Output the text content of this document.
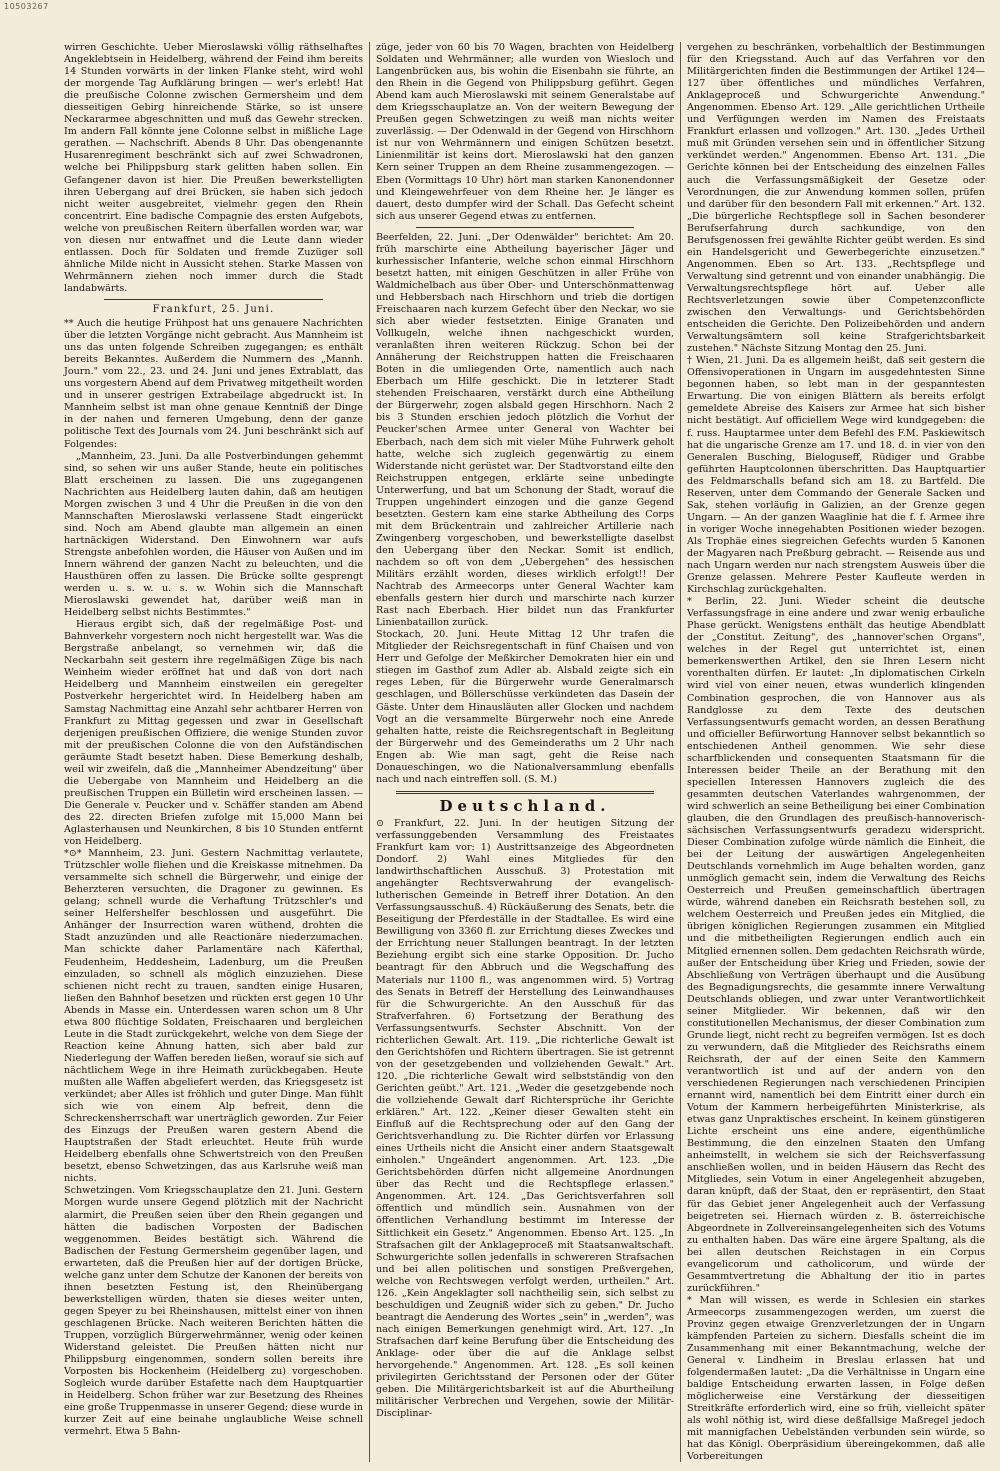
10503267

wirren Geschichte. Ueber Mieroslawski völlig räthselhaftes Angeklebtsein in Heidelberg, während der Feind ihm bereits 14 Stunden vorwärts in der linken Flanke steht, wird wohl der morgende Tag Aufklärung bringen — wer's erlebt! Hat die preußische Colonne zwischen Germersheim und dem diesseitigen Gebirg hinreichende Stärke, so ist unsere Neckararmee abgeschnitten und muß das Gewehr strecken. Im andern Fall könnte jene Colonne selbst in mißliche Lage gerathen. — Nachschrift. Abends 8 Uhr. Das obengenannte Husarenregiment beschränkt sich auf zwei Schwadronen, welche bei Philippsburg stark gelitten haben sollen. Ein Gefangener davon ist hier. Die Preußen bewerkstelligten ihren Uebergang auf drei Brücken, sie haben sich jedoch nicht weiter ausgebreitet, vielmehr gegen den Rhein concentrirt. Eine badische Compagnie des ersten Aufgebots, welche von preußischen Reitern überfallen worden war, war von diesen nur entwaffnet und die Leute dann wieder entlassen. Doch für Soldaten und fremde Zuzüger soll ähnliche Milde nicht in Aussicht stehen. Starke Massen von Wehrmännern ziehen noch immer durch die Stadt landabwärts.

Frankfurt, 25. Juni.

** Auch die heutige Frühpost hat uns genauere Nachrichten über die letzten Vorgänge nicht gebracht. Aus Mannheim ist uns das unten folgende Schreiben zugegangen; es enthält bereits Bekanntes. Außerdem die Nummern des „Mannh. Journ." vom 22., 23. und 24. Juni und jenes Extrablatt, das uns vorgestern Abend auf dem Privatweg mitgetheilt worden und in unserer gestrigen Extrabeilage abgedruckt ist. In Mannheim selbst ist man ohne genaue Kenntniß der Dinge in der nahen und ferneren Umgebung, denn der ganze politische Text des Journals vom 24. Juni beschränkt sich auf Folgendes:

„Mannheim, 23. Juni. Da alle Postverbindungen gehemmt sind, so sehen wir uns außer Stande, heute ein politisches Blatt erscheinen zu lassen. Die uns zugegangenen Nachrichten aus Heidelberg lauten dahin, daß am heutigen Morgen zwischen 3 und 4 Uhr die Preußen in die von den Mannschaften Mieroslawski verlassene Stadt eingerückt sind. Noch am Abend glaubte man allgemein an einen hartnäckigen Widerstand. Den Einwohnern war aufs Strengste anbefohlen worden, die Häuser von Außen und im Innern während der ganzen Nacht zu beleuchten, und die Hausthüren offen zu lassen. Die Brücke sollte gesprengt werden u. s. w. u. s. w. Wohin sich die Mannschaft Mieroslawski gewendet hat, darüber weiß man in Heidelberg selbst nichts Bestimmtes."

Hieraus ergibt sich, daß der regelmäßige Post- und Bahnverkehr vorgestern noch nicht hergestellt war. Was die Bergstraße anbelangt, so vernehmen wir, daß die Neckarbahn seit gestern ihre regelmäßigen Züge bis nach Weinheim wieder eröffnet hat und daß von dort nach Heidelberg und Mannheim einstweilen ein geregelter Postverkehr hergerichtet wird. In Heidelberg haben am Samstag Nachmittag eine Anzahl sehr achtbarer Herren von Frankfurt zu Mittag gegessen und zwar in Gesellschaft derjenigen preußischen Offiziere, die wenige Stunden zuvor mit der preußischen Colonne die von den Aufständischen geräumte Stadt besetzt haben. Diese Bemerkung deshalb, weil wir zweifeln, daß die „Mannheimer Abendzeitung" über die Uebergabe von Mannheim und Heidelberg an die preußischen Truppen ein Bülletin wird erscheinen lassen. — Die Generale v. Peucker und v. Schäffer standen am Abend des 22. directen Briefen zufolge mit 15,000 Mann bei Aglasterhausen und Neunkirchen, 8 bis 10 Stunden entfernt von Heidelberg.

*⊙* Mannheim, 23. Juni. Gestern Nachmittag verlautete, Trützschler wolle fliehen und die Kreiskasse mitnehmen. Da versammelte sich schnell die Bürgerwehr, und einige der Beherzteren versuchten, die Dragoner zu gewinnen. Es gelang; schnell wurde die Verhaftung Trützschler's und seiner Helfershelfer beschlossen und ausgeführt. Die Anhänger der Insurrection waren wüthend, drohten die Stadt anzuzünden und alle Reactionäre niederzumachen. Man schickte daher Parlamentäre nach Käferthal, Feudenheim, Heddesheim, Ladenburg, um die Preußen einzuladen, so schnell als möglich einzuziehen. Diese schienen nicht recht zu trauen, sandten einige Husaren, ließen den Bahnhof besetzen und rückten erst gegen 10 Uhr Abends in Masse ein. Unterdessen waren schon um 8 Uhr etwa 800 flüchtige Soldaten, Freischaaren und bergleichen Leute in die Stadt zurückgekehrt, welche von dem Siege der Reaction keine Ahnung hatten, sich aber bald zur Niederlegung der Waffen bereden ließen, worauf sie sich auf nächtlichem Wege in ihre Heimath zurückbegaben. Heute mußten alle Waffen abgeliefert werden, das Kriegsgesetz ist verkündet; aber Alles ist fröhlich und guter Dinge. Man fühlt sich wie von einem Alp befreit, denn die Schreckensherrschaft war unerträglich geworden. Zur Feier des Einzugs der Preußen waren gestern Abend die Hauptstraßen der Stadt erleuchtet. Heute früh wurde Heidelberg ebenfalls ohne Schwertstreich von den Preußen besetzt, ebenso Schwetzingen, das aus Karlsruhe weiß man nichts.

Schwetzingen. Vom Kriegsschauplatze den 21. Juni. Gestern Morgen wurde unsere Gegend plötzlich mit der Nachricht alarmirt, die Preußen seien über den Rhein gegangen und hätten die badischen Vorposten der Badischen weggenommen. Beides bestätigt sich. Während die Badischen der Festung Germersheim gegenüber lagen, und erwarteten, daß die Preußen hier auf der dortigen Brücke, welche ganz unter dem Schutze der Kanonen der bereits von ihnen besetzten Festung ist, den Rheinübergang bewerkstelligen würden, thaten sie dieses weiter unten, gegen Speyer zu bei Rheinshausen, mittelst einer von ihnen geschlagenen Brücke. Nach weiteren Berichten hätten die Truppen, vorzüglich Bürgerwehrmänner, wenig oder keinen Widerstand geleistet. Die Preußen hätten nicht nur Philippsburg eingenommen, sondern sollen bereits ihre Vorposten bis Hockenheim (Heidelberg zu) vorgeschoben. Sogleich wurde darüber Estafette nach dem Hauptquartier in Heidelberg. Schon früher war zur Besetzung des Rheines eine große Truppenmasse in unserer Gegend; diese wurde in kurzer Zeit auf eine beinahe unglaubliche Weise schnell vermehrt. Etwa 5 Bahn-

züge, jeder von 60 bis 70 Wagen, brachten von Heidelberg Soldaten und Wehrmänner; alle wurden von Wiesloch und Langenbrücken aus, bis wohin die Eisenbahn sie führte, an den Rhein in die Gegend von Philippsburg geführt. Gegen Abend kam auch Mieroslawski mit seinem Generalstabe auf dem Kriegsschauplatze an. Von der weitern Bewegung der Preußen gegen Schwetzingen zu weiß man nichts weiter zuverlässig. — Der Odenwald in der Gegend von Hirschhorn ist nur von Wehrmännern und einigen Schützen besetzt. Linienmilitär ist keins dort. Mieroslawski hat den ganzen Kern seiner Truppen an dem Rheine zusammengezogen. — Eben (Vormittags 10 Uhr) hört man starken Kanonendonner und Kleingewehrfeuer von dem Rheine her. Je länger es dauert, desto dumpfer wird der Schall. Das Gefecht scheint sich aus unserer Gegend etwas zu entfernen.

Beerfelden, 22. Juni. „Der Odenwälder" berichtet: Am 20. früh marschirte eine Abtheilung bayerischer Jäger und kurhessischer Infanterie, welche schon einmal Hirschhorn besetzt hatten, mit einigen Geschützen in aller Frühe von Waldmichelbach aus über Ober- und Unterschönmattenwag und Hebbersbach nach Hirschhorn und trieb die dortigen Freischaaren nach kurzem Gefecht über den Neckar, wo sie sich aber wieder festsetzten. Einige Granaten und Vollkugeln, welche ihnen nachgeschickt wurden, veranlaßten ihren weiteren Rückzug. Schon bei der Annäherung der Reichstruppen hatten die Freischaaren Boten in die umliegenden Orte, namentlich auch nach Eberbach um Hilfe geschickt. Die in letzterer Stadt stehenden Freischaaren, verstärkt durch eine Abtheilung der Bürgerwehr, zogen alsbald gegen Hirschhorn. Nach 2 bis 3 Stunden erschien jedoch plötzlich die Vorhut der Peucker'schen Armee unter General von Wachter bei Eberbach, nach dem sich mit vieler Mühe Fuhrwerk geholt hatte, welche sich zugleich gegenwärtig zu einem Widerstande nicht gerüstet war. Der Stadtvorstand eilte den Reichstruppen entgegen, erklärte seine unbedingte Unterwerfung, und bat um Schonung der Stadt, worauf die Truppen ungehindert einzogen und die ganze Gegend besetzten. Gestern kam eine starke Abtheilung des Corps mit dem Brückentrain und zahlreicher Artillerie nach Zwingenberg vorgeschoben, und bewerkstelligte daselbst den Uebergang über den Neckar. Somit ist endlich, nachdem so oft von dem „Uebergehen" des hessischen Militärs erzählt worden, dieses wirklich erfolgt!! Der Nachtrab des Armeecorps unter General Wachter kam ebenfalls gestern hier durch und marschirte nach kurzer Rast nach Eberbach. Hier bildet nun das Frankfurter Linienbataillon zurück.

Stockach, 20. Juni. Heute Mittag 12 Uhr trafen die Mitglieder der Reichsregentschaft in fünf Chaisen und von Herr und Gefolge der Meßkircher Demokraten hier ein und stiegen im Gasthof zum Adler ab. Alsbald zeigte sich ein reges Leben, für die Bürgerwehr wurde Generalmarsch geschlagen, und Böllerschüsse verkündeten das Dasein der Gäste. Unter dem Hinausläuten aller Glocken und nachdem Vogt an die versammelte Bürgerwehr noch eine Anrede gehalten hatte, reiste die Reichsregentschaft in Begleitung der Bürgerwehr und des Gemeinderaths um 2 Uhr nach Engen ab. Wie man sagt, geht die Reise nach Donaueschingen, wo die Nationalversammlung ebenfalls nach und nach eintreffen soll. (S. M.)

Deutschland.

⊙ Frankfurt, 22. Juni. In der heutigen Sitzung der verfassunggebenden Versammlung des Freistaates Frankfurt kam vor: 1) Austrittsanzeige des Abgeordneten Dondorf. 2) Wahl eines Mitgliedes für den landwirthschaftlichen Ausschuß. 3) Protestation mit angehängter Rechtsverwahrung der evangelisch-lutherischen Gemeinde in Betreff ihrer Dotation. An den Verfassungsausschuß. 4) Rückäußerung des Senats, betr. die Beseitigung der Pferdeställe in der Stadtallee. Es wird eine Bewilligung von 3360 fl. zur Errichtung dieses Zweckes und der Errichtung neuer Stallungen beantragt. In der letzten Beziehung ergibt sich eine starke Opposition. Dr. Jucho beantragt für den Abbruch und die Wegschaffung des Materials nur 1100 fl., was angenommen wird. 5) Vortrag des Senats in Betreff der Herstellung des Leinwandhauses für die Schwurgerichte. An den Ausschuß für das Strafverfahren. 6) Fortsetzung der Berathung des Verfassungsentwurfs. Sechster Abschnitt. Von der richterlichen Gewalt. Art. 119. „Die richterliche Gewalt ist den Gerichtshöfen und Richtern übertragen. Sie ist getrennt von der gesetzgebenden und vollziehenden Gewalt." Art. 120. „Die richterliche Gewalt wird selbstständig von den Gerichten geübt." Art. 121. „Weder die gesetzgebende noch die vollziehende Gewalt darf Richtersprüche ihr Gerichte erklären." Art. 122. „Keiner dieser Gewalten steht ein Einfluß auf die Rechtsprechung oder auf den Gang der Gerichtsverhandlung zu. Die Richter dürfen vor Erlassung eines Urtheils nicht die Ansicht einer andern Staatsgewalt einholen." Ungeändert angenommen. Art. 123. „Die Gerichtsbehörden dürfen nicht allgemeine Anordnungen über das Recht und die Rechtspflege erlassen." Angenommen. Art. 124. „Das Gerichtsverfahren soll öffentlich und mündlich sein. Ausnahmen von der öffentlichen Verhandlung bestimmt im Interesse der Sittlichkeit ein Gesetz." Angenommen. Ebenso Art. 125. „In Strafsachen gilt der Anklageproceß mit Staatsanwaltschaft. Schwurgerichte sollen jedenfalls in schwereren Strafsachen und bei allen politischen und sonstigen Preßvergehen, welche von Rechtswegen verfolgt werden, urtheilen." Art. 126. „Kein Angeklagter soll nachtheilig sein, sich selbst zu beschuldigen und Zeugniß wider sich zu geben." Dr. Jucho beantragt die Aenderung des Wortes „sein" in „werden", was nach einigen Bemerkungen genehmigt wird. Art. 127. „In Strafsachen darf keine Berufung über die Entscheidung des Anklage- oder über die auf die Anklage selbst hervorgehende." Angenommen. Art. 128. „Es soll keinen privilegirten Gerichtsstand der Personen oder der Güter geben. Die Militärgerichtsbarkeit ist auf die Aburtheilung militärischer Verbrechen und Vergehen, sowie der Militär-Disciplinar-

vergehen zu beschränken, vorbehaltlich der Bestimmungen für den Kriegsstand. Auch auf das Verfahren vor den Militärgerichten finden die Bestimmungen der Artikel 124—127 über öffentliches und mündliches Verfahren, Anklageproceß und Schwurgerichte Anwendung." Angenommen. Ebenso Art. 129. „Alle gerichtlichen Urtheile und Verfügungen werden im Namen des Freistaats Frankfurt erlassen und vollzogen." Art. 130. „Jedes Urtheil muß mit Gründen versehen sein und in öffentlicher Sitzung verkündet werden." Angenommen. Ebenso Art. 131. „Die Gerichte können bei der Entscheidung des einzelnen Falles auch die Verfassungsmäßigkeit der Gesetze oder Verordnungen, die zur Anwendung kommen sollen, prüfen und darüber für den besondern Fall mit erkennen." Art. 132. „Die bürgerliche Rechtspflege soll in Sachen besonderer Berufserfahrung durch sachkundige, von den Berufsgenossen frei gewählte Richter geübt werden. Es sind ein Handelsgericht und Gewerbegerichte einzusetzen." Angenommen. Eben so Art. 133. „Rechtspflege und Verwaltung sind getrennt und von einander unabhängig. Die Verwaltungsrechtspflege hört auf. Ueber alle Rechtsverletzungen sowie über Competenzconflicte zwischen den Verwaltungs- und Gerichtsbehörden entscheiden die Gerichte. Den Polizeibehörden und andern Verwaltungsämtern soll keine Strafgerichtsbarkeit zustehen." Nächste Sitzung Montag den 25. Juni.

† Wien, 21. Juni. Da es allgemein heißt, daß seit gestern die Offensivoperationen in Ungarn im ausgedehntesten Sinne begonnen haben, so lebt man in der gespanntesten Erwartung. Die von einigen Blättern als bereits erfolgt gemeldete Abreise des Kaisers zur Armee hat sich bisher nicht bestätigt. Auf officiellem Wege wird kundgegeben: die f. russ. Hauptarmee unter dem Befehl des F.M. Paskiewitsch hat die ungarische Grenze am 17. und 18. d. in vier von den Generalen Busching, Bieloguseff, Rüdiger und Grabbe geführten Hauptcolonnen überschritten. Das Hauptquartier des Feldmarschalls befand sich am 18. zu Bartfeld. Die Reserven, unter dem Commando der Generale Sacken und Sak, stehen vorläufig in Galizien, an der Grenze gegen Ungarn. — An der ganzen Waaglinie hat die f. f. Armee ihre in voriger Woche innegehabten Positionen wieder bezogen. Als Trophäe eines siegreichen Gefechts wurden 5 Kanonen der Magyaren nach Preßburg gebracht. — Reisende aus und nach Ungarn werden nur nach strengstem Ausweis über die Grenze gelassen. Mehrere Pester Kaufleute werden in Kirchschlag zurückgehalten.

* Berlin, 22. Juni. Wieder scheint die deutsche Verfassungsfrage in eine andere und zwar wenig erbauliche Phase gerückt. Wenigstens enthält das heutige Abendblatt der „Constitut. Zeitung", des „hannover'schen Organs", welches in der Regel gut unterrichtet ist, einen bemerkenswerthen Artikel, den sie Ihren Lesern nicht vorenthalten dürfen. Er lautet: „In diplomatischen Cirkeln wird viel von einer neuen, etwas wunderlich klingenden Combination gesprochen, die von Hannover aus als Randglosse zu dem Texte des deutschen Verfassungsentwurfs gemacht worden, an dessen Berathung und officieller Befürwortung Hannover selbst bekanntlich so entschiedenen Antheil genommen. Wie sehr diese scharfblickenden und consequenten Staatsmann für die Interessen beider Theile an der Berathung mit den speciellen Interessen Hannovers zugleich die des gesammten deutschen Vaterlandes wahrgenommen, der wird schwerlich an seine Betheiligung bei einer Combination glauben, die den Grundlagen des preußisch-hannoverisch-sächsischen Verfassungsentwurfs geradezu widerspricht. Dieser Combination zufolge würde nämlich die Einheit, die bei der Leitung der auswärtigen Angelegenheiten Deutschlands vornehmlich im Auge behalten worden, ganz unmöglich gemacht sein, indem die Verwaltung des Reichs Oesterreich und Preußen gemeinschaftlich übertragen würde, während daneben ein Reichsrath bestehen soll, zu welchem Oesterreich und Preußen jedes ein Mitglied, die übrigen königlichen Regierungen zusammen ein Mitglied und die mitbetheiligten Regierungen endlich auch ein Mitglied ernennen sollen. Dem gedachten Reichsrath würde, außer der Entscheidung über Krieg und Frieden, sowie der Abschließung von Verträgen überhaupt und die Ausübung des Begnadigungsrechts, die gesammte innere Verwaltung Deutschlands obliegen, und zwar unter Verantwortlichkeit seiner Mitglieder. Wir bekennen, daß wir den constitutionellen Mechanismus, der dieser Combination zum Grunde liegt, nicht recht zu begreifen vermögen. Ist es doch zu verwundern, daß die Mitglieder des Reichsraths einem Reichsrath, der auf der einen Seite den Kammern verantwortlich ist und auf der andern von den verschiedenen Regierungen nach verschiedenen Principien ernannt wird, namentlich bei dem Eintritt einer durch ein Votum der Kammern herbeigeführten Ministerkrise, als etwas ganz Unpraktisches erscheint. In keinem günstigeren Lichte erscheint uns eine andere, eigenthümliche Bestimmung, die den einzelnen Staaten den Umfang anheimstellt, in welchem sie sich der Reichsverfassung anschließen wollen, und in beiden Häusern das Recht des Mitgliedes, sein Votum in einer Angelegenheit abzugeben, daran knüpft, daß der Staat, den er repräsentirt, den Staat für das Gebiet jener Angelegenheit auch der Verfassung beigetreten sei. Hiernach würden z. B. österreichische Abgeordnete in Zollvereinsangelegenheiten sich des Votums zu enthalten haben. Das wäre eine ärgere Spaltung, als die bei allen deutschen Reichstagen in ein Corpus evangelicorum und catholicorum, und würde der Gesammtvertretung die Abhaltung der itio in partes zurückführen."

* Man will wissen, es werde in Schlesien ein starkes Armeecorps zusammengezogen werden, um zuerst die Provinz gegen etwaige Grenzverletzungen der in Ungarn kämpfenden Parteien zu sichern. Diesfalls scheint die im Zusammenhang mit einer Bekanntmachung, welche der General v. Lindheim in Breslau erlassen hat und folgendermaßen lautet: „Da die Verhältnisse in Ungarn eine baldige Entscheidung erwarten lassen, in Folge deßen möglicherweise eine Verstärkung der diesseitigen Streitkräfte erforderlich wird, eine so früh, vielleicht später als wohl nöthig ist, wird diese deßfallsige Maßregel jedoch mit mannigfachen Uebelständen verbunden sein würde, so hat das Königl. Oberpräsidium übereingekommen, daß alle Vorbereitungen
